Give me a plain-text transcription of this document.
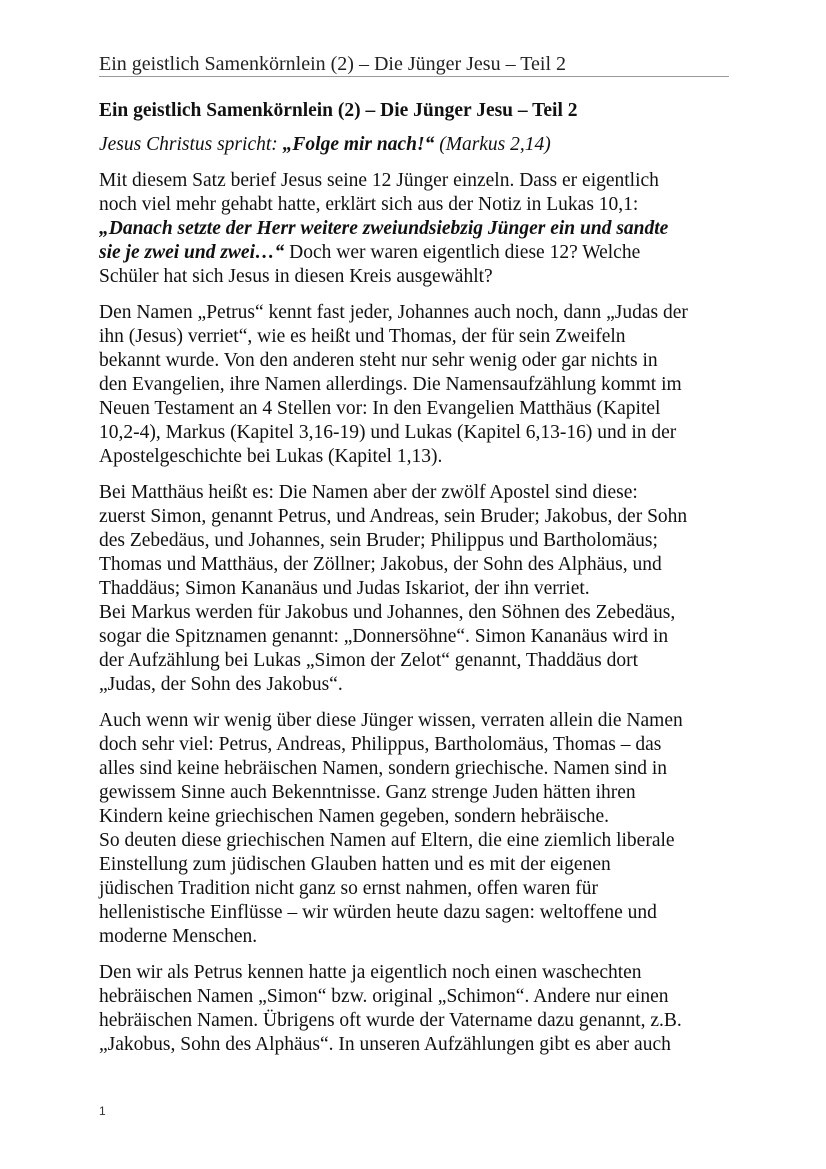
Ein geistlich Samenkörnlein (2) – Die Jünger Jesu – Teil 2
Ein geistlich Samenkörnlein (2) – Die Jünger Jesu – Teil 2

Jesus Christus spricht: „Folge mir nach!“ (Markus 2,14)

Mit diesem Satz berief Jesus seine 12 Jünger einzeln. Dass er eigentlich
noch viel mehr gehabt hatte, erklärt sich aus der Notiz in Lukas 10,1:
„Danach setzte der Herr weitere zweiundsiebzig Jünger ein und sandte
sie je zwei und zwei…“ Doch wer waren eigentlich diese 12? Welche
Schüler hat sich Jesus in diesen Kreis ausgewählt?

Den Namen „Petrus“ kennt fast jeder, Johannes auch noch, dann „Judas der
ihn (Jesus) verriet“, wie es heißt und Thomas, der für sein Zweifeln
bekannt wurde. Von den anderen steht nur sehr wenig oder gar nichts in
den Evangelien, ihre Namen allerdings. Die Namensaufzählung kommt im
Neuen Testament an 4 Stellen vor: In den Evangelien Matthäus (Kapitel
10,2-4), Markus (Kapitel 3,16-19) und Lukas (Kapitel 6,13-16) und in der
Apostelgeschichte bei Lukas (Kapitel 1,13).

Bei Matthäus heißt es: Die Namen aber der zwölf Apostel sind diese:
zuerst Simon, genannt Petrus, und Andreas, sein Bruder; Jakobus, der Sohn
des Zebedäus, und Johannes, sein Bruder; Philippus und Bartholomäus;
Thomas und Matthäus, der Zöllner; Jakobus, der Sohn des Alphäus, und
Thaddäus; Simon Kananäus und Judas Iskariot, der ihn verriet.
Bei Markus werden für Jakobus und Johannes, den Söhnen des Zebedäus,
sogar die Spitznamen genannt: „Donnersöhne“. Simon Kananäus wird in
der Aufzählung bei Lukas „Simon der Zelot“ genannt, Thaddäus dort
„Judas, der Sohn des Jakobus“.

Auch wenn wir wenig über diese Jünger wissen, verraten allein die Namen
doch sehr viel: Petrus, Andreas, Philippus, Bartholomäus, Thomas – das
alles sind keine hebräischen Namen, sondern griechische. Namen sind in
gewissem Sinne auch Bekenntnisse. Ganz strenge Juden hätten ihren
Kindern keine griechischen Namen gegeben, sondern hebräische.
So deuten diese griechischen Namen auf Eltern, die eine ziemlich liberale
Einstellung zum jüdischen Glauben hatten und es mit der eigenen
jüdischen Tradition nicht ganz so ernst nahmen, offen waren für
hellenistische Einflüsse – wir würden heute dazu sagen: weltoffene und
moderne Menschen.

Den wir als Petrus kennen hatte ja eigentlich noch einen waschechten
hebräischen Namen „Simon“ bzw. original „Schimon“. Andere nur einen
hebräischen Namen. Übrigens oft wurde der Vatername dazu genannt, z.B.
„Jakobus, Sohn des Alphäus“. In unseren Aufzählungen gibt es aber auch

1
